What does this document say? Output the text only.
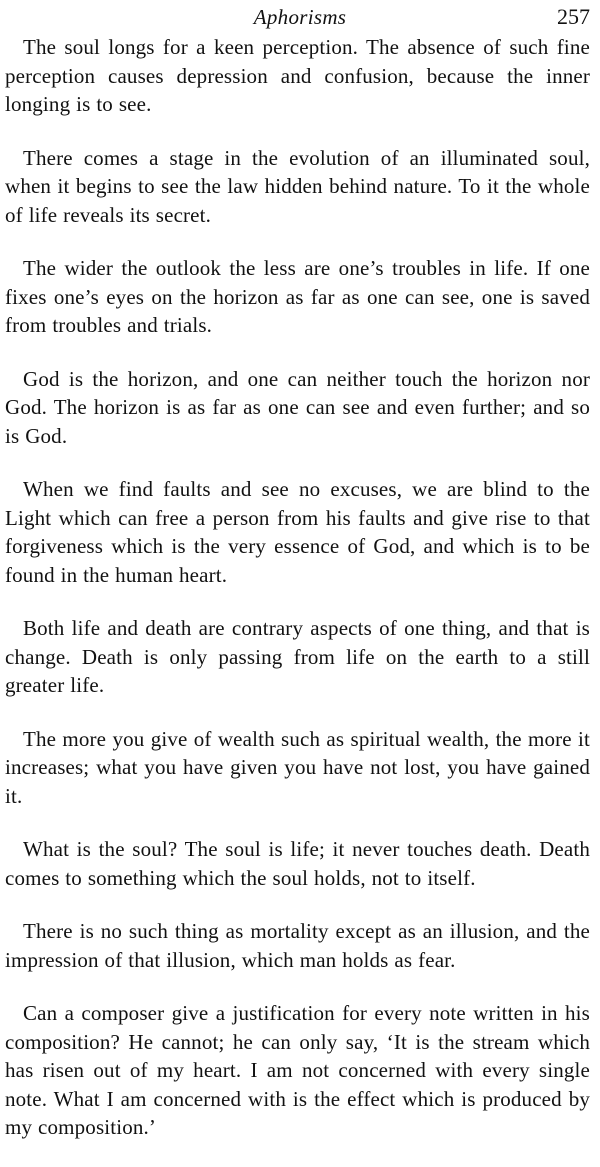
Aphorisms	257

The soul longs for a keen perception. The absence of such fine perception causes depression and confusion, because the inner longing is to see.

There comes a stage in the evolution of an illuminated soul, when it begins to see the law hidden behind nature. To it the whole of life reveals its secret.

The wider the outlook the less are one’s troubles in life. If one fixes one’s eyes on the horizon as far as one can see, one is saved from troubles and trials.

God is the horizon, and one can neither touch the horizon nor God. The horizon is as far as one can see and even further; and so is God.

When we find faults and see no excuses, we are blind to the Light which can free a person from his faults and give rise to that forgiveness which is the very essence of God, and which is to be found in the human heart.

Both life and death are contrary aspects of one thing, and that is change. Death is only passing from life on the earth to a still greater life.

The more you give of wealth such as spiritual wealth, the more it increases; what you have given you have not lost, you have gained it.

What is the soul? The soul is life; it never touches death. Death comes to something which the soul holds, not to itself.

There is no such thing as mortality except as an illusion, and the impression of that illusion, which man holds as fear.

Can a composer give a justification for every note written in his composition? He cannot; he can only say, ‘It is the stream which has risen out of my heart. I am not concerned with every single note. What I am concerned with is the effect which is produced by my composition.’
